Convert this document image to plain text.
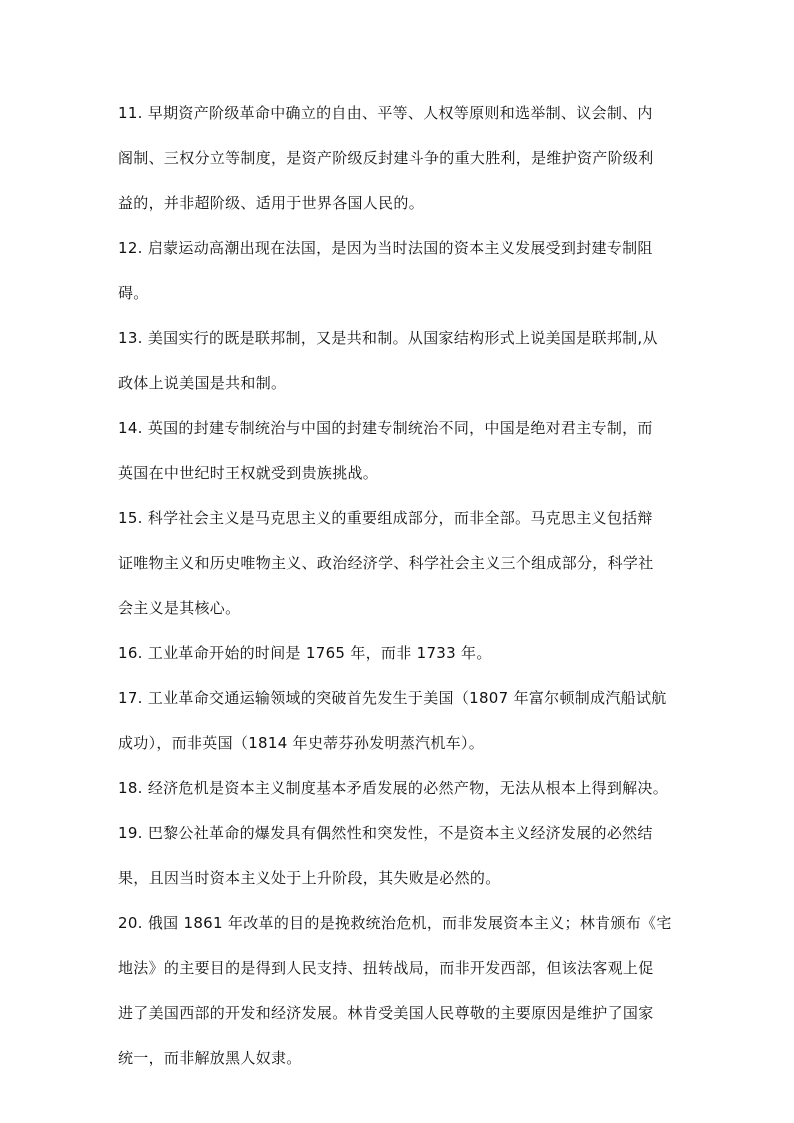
11. 早期资产阶级革命中确立的自由、平等、人权等原则和选举制、议会制、内
阁制、三权分立等制度，是资产阶级反封建斗争的重大胜利，是维护资产阶级利
益的，并非超阶级、适用于世界各国人民的。
12. 启蒙运动高潮出现在法国，是因为当时法国的资本主义发展受到封建专制阻
碍。
13. 美国实行的既是联邦制，又是共和制。从国家结构形式上说美国是联邦制,从
政体上说美国是共和制。
14. 英国的封建专制统治与中国的封建专制统治不同，中国是绝对君主专制，而
英国在中世纪时王权就受到贵族挑战。
15. 科学社会主义是马克思主义的重要组成部分，而非全部。马克思主义包括辩
证唯物主义和历史唯物主义、政治经济学、科学社会主义三个组成部分，科学社
会主义是其核心。
16. 工业革命开始的时间是 1765 年，而非 1733 年。
17. 工业革命交通运输领域的突破首先发生于美国（1807 年富尔顿制成汽船试航
成功），而非英国（1814 年史蒂芬孙发明蒸汽机车）。
18. 经济危机是资本主义制度基本矛盾发展的必然产物，无法从根本上得到解决。
19. 巴黎公社革命的爆发具有偶然性和突发性，不是资本主义经济发展的必然结
果，且因当时资本主义处于上升阶段，其失败是必然的。
20. 俄国 1861 年改革的目的是挽救统治危机，而非发展资本主义；林肯颁布《宅
地法》的主要目的是得到人民支持、扭转战局，而非开发西部，但该法客观上促
进了美国西部的开发和经济发展。林肯受美国人民尊敬的主要原因是维护了国家
统一，而非解放黑人奴隶。
